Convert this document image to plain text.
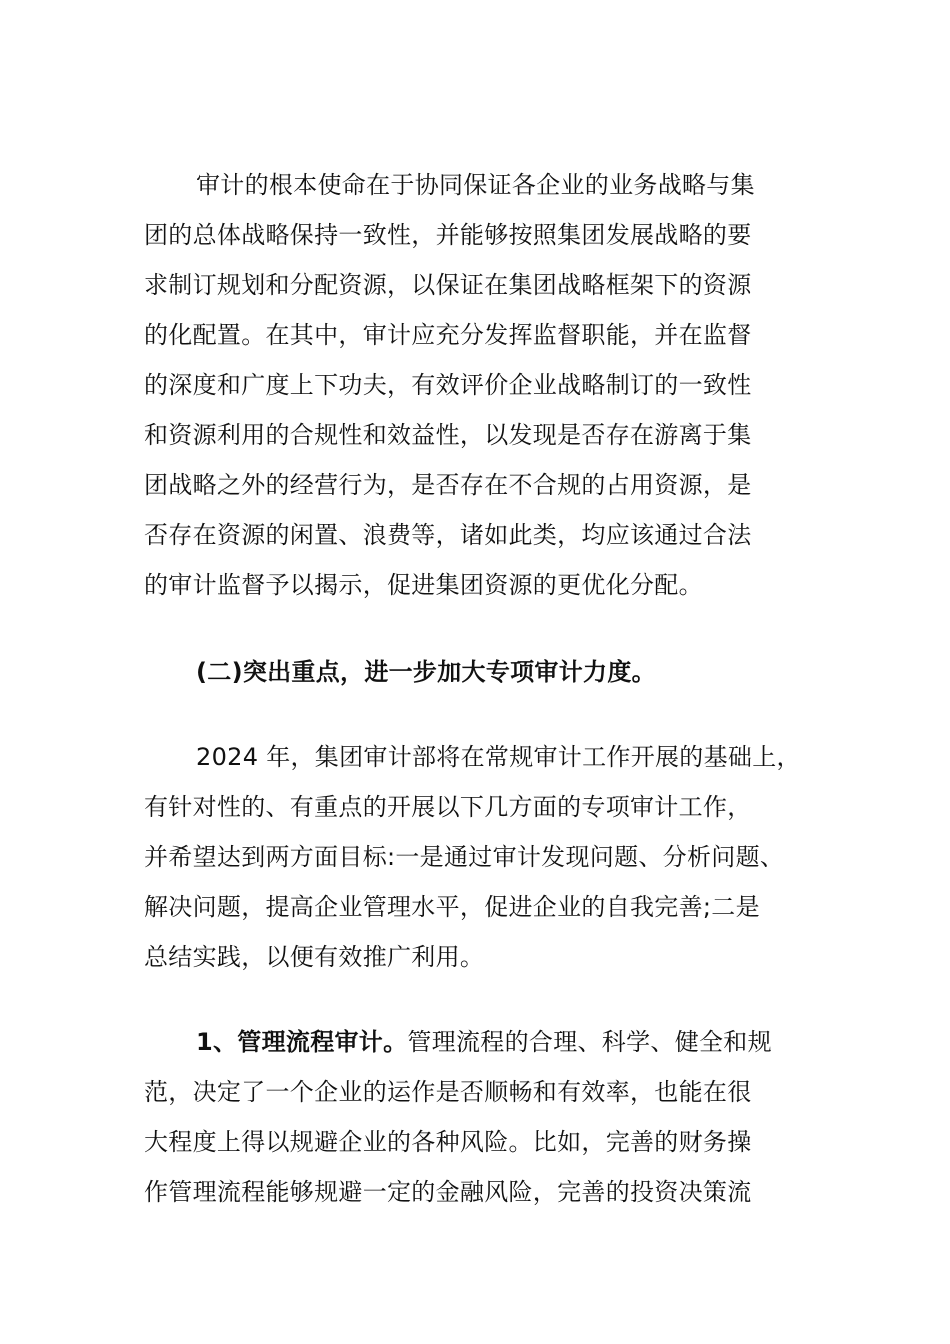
审计的根本使命在于协同保证各企业的业务战略与集
团的总体战略保持一致性，并能够按照集团发展战略的要
求制订规划和分配资源，以保证在集团战略框架下的资源
的化配置。在其中，审计应充分发挥监督职能，并在监督
的深度和广度上下功夫，有效评价企业战略制订的一致性
和资源利用的合规性和效益性，以发现是否存在游离于集
团战略之外的经营行为，是否存在不合规的占用资源，是
否存在资源的闲置、浪费等，诸如此类，均应该通过合法
的审计监督予以揭示，促进集团资源的更优化分配。
(二)突出重点，进一步加大专项审计力度。
2024 年，集团审计部将在常规审计工作开展的基础上，
有针对性的、有重点的开展以下几方面的专项审计工作，
并希望达到两方面目标:一是通过审计发现问题、分析问题、
解决问题，提高企业管理水平，促进企业的自我完善;二是
总结实践，以便有效推广利用。
1、管理流程审计。管理流程的合理、科学、健全和规
范，决定了一个企业的运作是否顺畅和有效率，也能在很
大程度上得以规避企业的各种风险。比如，完善的财务操
作管理流程能够规避一定的金融风险，完善的投资决策流
